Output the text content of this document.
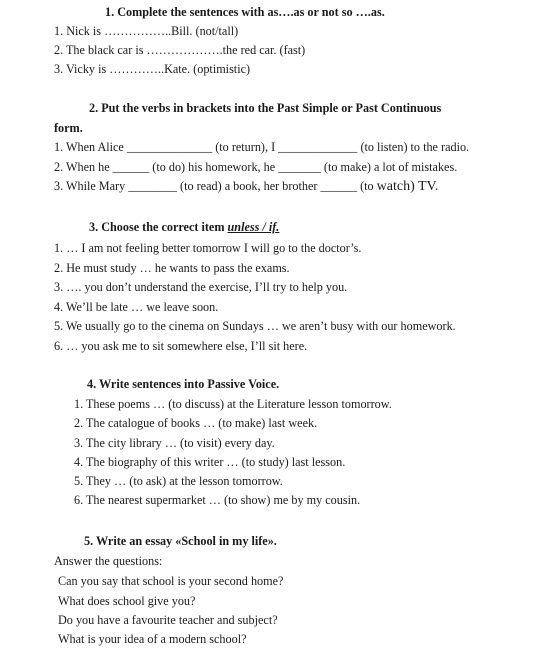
1. Complete the sentences with as….as or not so ….as.
1. Nick is ……………..Bill. (not/tall)
2. The black car is ……………….the red car. (fast)
3. Vicky is …………..Kate. (optimistic)
2. Put the verbs in brackets into the Past Simple or Past Continuous
form.
1. When Alice ______________ (to return), I _____________ (to listen) to the radio.
2. When he ______ (to do) his homework, he _______ (to make) a lot of mistakes.
3. While Mary ________ (to read) a book, her brother ______ (to watch) TV.
3. Choose the correct item unless / if.
1. … I am not feeling better tomorrow I will go to the doctor’s.
2. He must study … he wants to pass the exams.
3. …. you don’t understand the exercise, I’ll try to help you.
4. We’ll be late … we leave soon.
5. We usually go to the cinema on Sundays … we aren’t busy with our homework.
6. … you ask me to sit somewhere else, I’ll sit here.
4. Write sentences into Passive Voice.
1. These poems … (to discuss) at the Literature lesson tomorrow.
2. The catalogue of books … (to make) last week.
3. The city library … (to visit) every day.
4. The biography of this writer … (to study) last lesson.
5. They … (to ask) at the lesson tomorrow.
6. The nearest supermarket … (to show) me by my cousin.
5. Write an essay «School in my life».
Answer the questions:
Can you say that school is your second home?
What does school give you?
Do you have a favourite teacher and subject?
What is your idea of a modern school?
